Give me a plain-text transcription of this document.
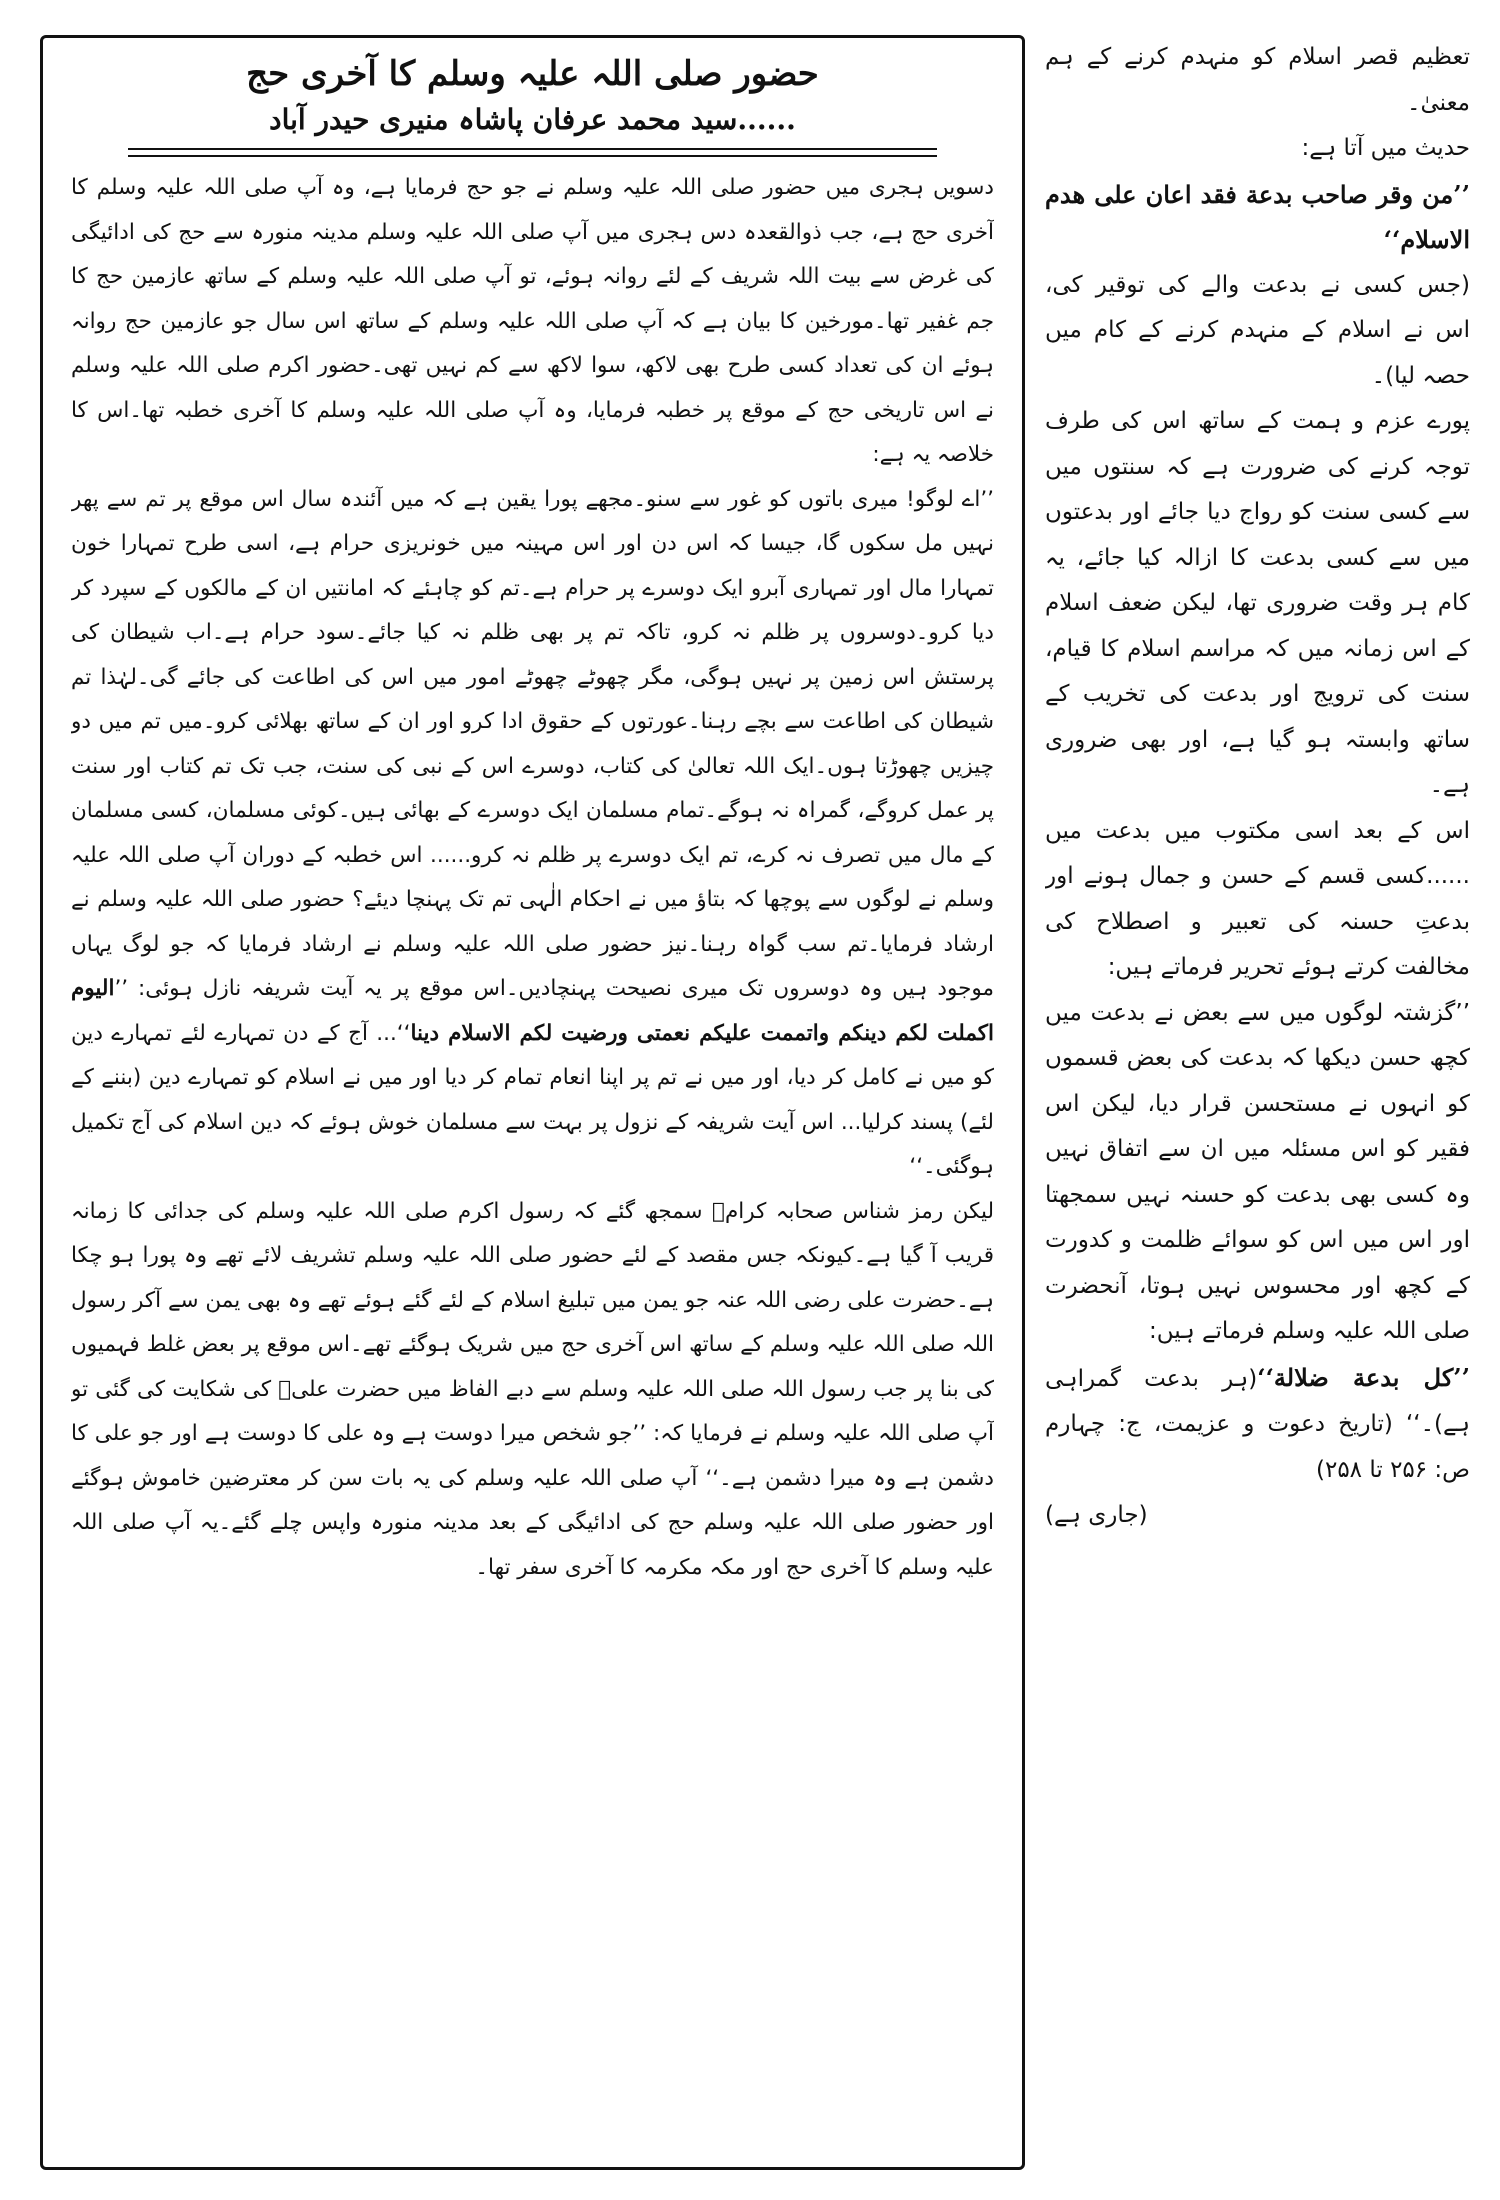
حضور صلی اللہ علیہ وسلم کا آخری حج
......سید محمد عرفان پاشاہ منیری حیدر آباد

دسویں ہجری میں حضور صلی اللہ علیہ وسلم نے جو حج فرمایا ہے، وہ آپ صلی اللہ علیہ وسلم کا آخری حج ہے، جب ذوالقعدہ دس ہجری میں آپ صلی اللہ علیہ وسلم مدینہ منورہ سے حج کی ادائیگی کی غرض سے بیت اللہ شریف کے لئے روانہ ہوئے، تو آپ صلی اللہ علیہ وسلم کے ساتھ عازمین حج کا جم غفیر تھا۔مورخین کا بیان ہے کہ آپ صلی اللہ علیہ وسلم کے ساتھ اس سال جو عازمین حج روانہ ہوئے ان کی تعداد کسی طرح بھی لاکھ، سوا لاکھ سے کم نہیں تھی۔حضور اکرم صلی اللہ علیہ وسلم نے اس تاریخی حج کے موقع پر خطبہ فرمایا، وہ آپ صلی اللہ علیہ وسلم کا آخری خطبہ تھا۔اس کا خلاصہ یہ ہے:

’’اے لوگو! میری باتوں کو غور سے سنو۔مجھے پورا یقین ہے کہ میں آئندہ سال اس موقع پر تم سے پھر نہیں مل سکوں گا، جیسا کہ اس دن اور اس مہینہ میں خونریزی حرام ہے، اسی طرح تمہارا خون تمہارا مال اور تمہاری آبرو ایک دوسرے پر حرام ہے۔تم کو چاہئے کہ امانتیں ان کے مالکوں کے سپرد کر دیا کرو۔دوسروں پر ظلم نہ کرو، تاکہ تم پر بھی ظلم نہ کیا جائے۔سود حرام ہے۔اب شیطان کی پرستش اس زمین پر نہیں ہوگی، مگر چھوٹے چھوٹے امور میں اس کی اطاعت کی جائے گی۔لہٰذا تم شیطان کی اطاعت سے بچے رہنا۔عورتوں کے حقوق ادا کرو اور ان کے ساتھ بھلائی کرو۔میں تم میں دو چیزیں چھوڑتا ہوں۔ایک اللہ تعالیٰ کی کتاب، دوسرے اس کے نبی کی سنت، جب تک تم کتاب اور سنت پر عمل کروگے، گمراہ نہ ہوگے۔تمام مسلمان ایک دوسرے کے بھائی ہیں۔کوئی مسلمان، کسی مسلمان کے مال میں تصرف نہ کرے، تم ایک دوسرے پر ظلم نہ کرو...... اس خطبہ کے دوران آپ صلی اللہ علیہ وسلم نے لوگوں سے پوچھا کہ بتاؤ میں نے احکام الٰہی تم تک پہنچا دیئے؟ حضور صلی اللہ علیہ وسلم نے ارشاد فرمایا۔تم سب گواہ رہنا۔نیز حضور صلی اللہ علیہ وسلم نے ارشاد فرمایا کہ جو لوگ یہاں موجود ہیں وہ دوسروں تک میری نصیحت پہنچادیں۔اس موقع پر یہ آیت شریفہ نازل ہوئی: ’’الیوم اکملت لکم دینکم واتممت علیکم نعمتی ورضیت لکم الاسلام دینا‘‘... آج کے دن تمہارے لئے تمہارے دین کو میں نے کامل کر دیا، اور میں نے تم پر اپنا انعام تمام کر دیا اور میں نے اسلام کو تمہارے دین (بننے کے لئے) پسند کرلیا... اس آیت شریفہ کے نزول پر بہت سے مسلمان خوش ہوئے کہ دین اسلام کی آج تکمیل ہوگئی۔‘‘

لیکن رمز شناس صحابہ کرامؓ سمجھ گئے کہ رسول اکرم صلی اللہ علیہ وسلم کی جدائی کا زمانہ قریب آ گیا ہے۔کیونکہ جس مقصد کے لئے حضور صلی اللہ علیہ وسلم تشریف لائے تھے وہ پورا ہو چکا ہے۔حضرت علی رضی اللہ عنہ جو یمن میں تبلیغ اسلام کے لئے گئے ہوئے تھے وہ بھی یمن سے آکر رسول اللہ صلی اللہ علیہ وسلم کے ساتھ اس آخری حج میں شریک ہوگئے تھے۔اس موقع پر بعض غلط فہمیوں کی بنا پر جب رسول اللہ صلی اللہ علیہ وسلم سے دبے الفاظ میں حضرت علیؓ کی شکایت کی گئی تو آپ صلی اللہ علیہ وسلم نے فرمایا کہ: ’’جو شخص میرا دوست ہے وہ علی کا دوست ہے اور جو علی کا دشمن ہے وہ میرا دشمن ہے۔‘‘ آپ صلی اللہ علیہ وسلم کی یہ بات سن کر معترضین خاموش ہوگئے اور حضور صلی اللہ علیہ وسلم حج کی ادائیگی کے بعد مدینہ منورہ واپس چلے گئے۔یہ آپ صلی اللہ علیہ وسلم کا آخری حج اور مکہ مکرمہ کا آخری سفر تھا۔

تعظیم قصر اسلام کو منہدم کرنے کے ہم معنیٰ۔

حدیث میں آتا ہے:

’’من وقر صاحب بدعة فقد اعان علی هدم الاسلام‘‘

(جس کسی نے بدعت والے کی توقیر کی، اس نے اسلام کے منہدم کرنے کے کام میں حصہ لیا)۔

پورے عزم و ہمت کے ساتھ اس کی طرف توجہ کرنے کی ضرورت ہے کہ سنتوں میں سے کسی سنت کو رواج دیا جائے اور بدعتوں میں سے کسی بدعت کا ازالہ کیا جائے، یہ کام ہر وقت ضروری تھا، لیکن ضعف اسلام کے اس زمانہ میں کہ مراسم اسلام کا قیام، سنت کی ترویج اور بدعت کی تخریب کے ساتھ وابستہ ہو گیا ہے، اور بھی ضروری ہے۔

اس کے بعد اسی مکتوب میں بدعت میں ......کسی قسم کے حسن و جمال ہونے اور بدعتِ حسنہ کی تعبیر و اصطلاح کی مخالفت کرتے ہوئے تحریر فرماتے ہیں:

’’گزشتہ لوگوں میں سے بعض نے بدعت میں کچھ حسن دیکھا کہ بدعت کی بعض قسموں کو انہوں نے مستحسن قرار دیا، لیکن اس فقیر کو اس مسئلہ میں ان سے اتفاق نہیں وہ کسی بھی بدعت کو حسنہ نہیں سمجھتا اور اس میں اس کو سوائے ظلمت و کدورت کے کچھ اور محسوس نہیں ہوتا، آنحضرت صلی اللہ علیہ وسلم فرماتے ہیں:

’’کل بدعة ضلالة‘‘(ہر بدعت گمراہی ہے)۔‘‘ (تاریخ دعوت و عزیمت، ج: چہارم ص: ۲۵۶ تا ۲۵۸)

(جاری ہے)
